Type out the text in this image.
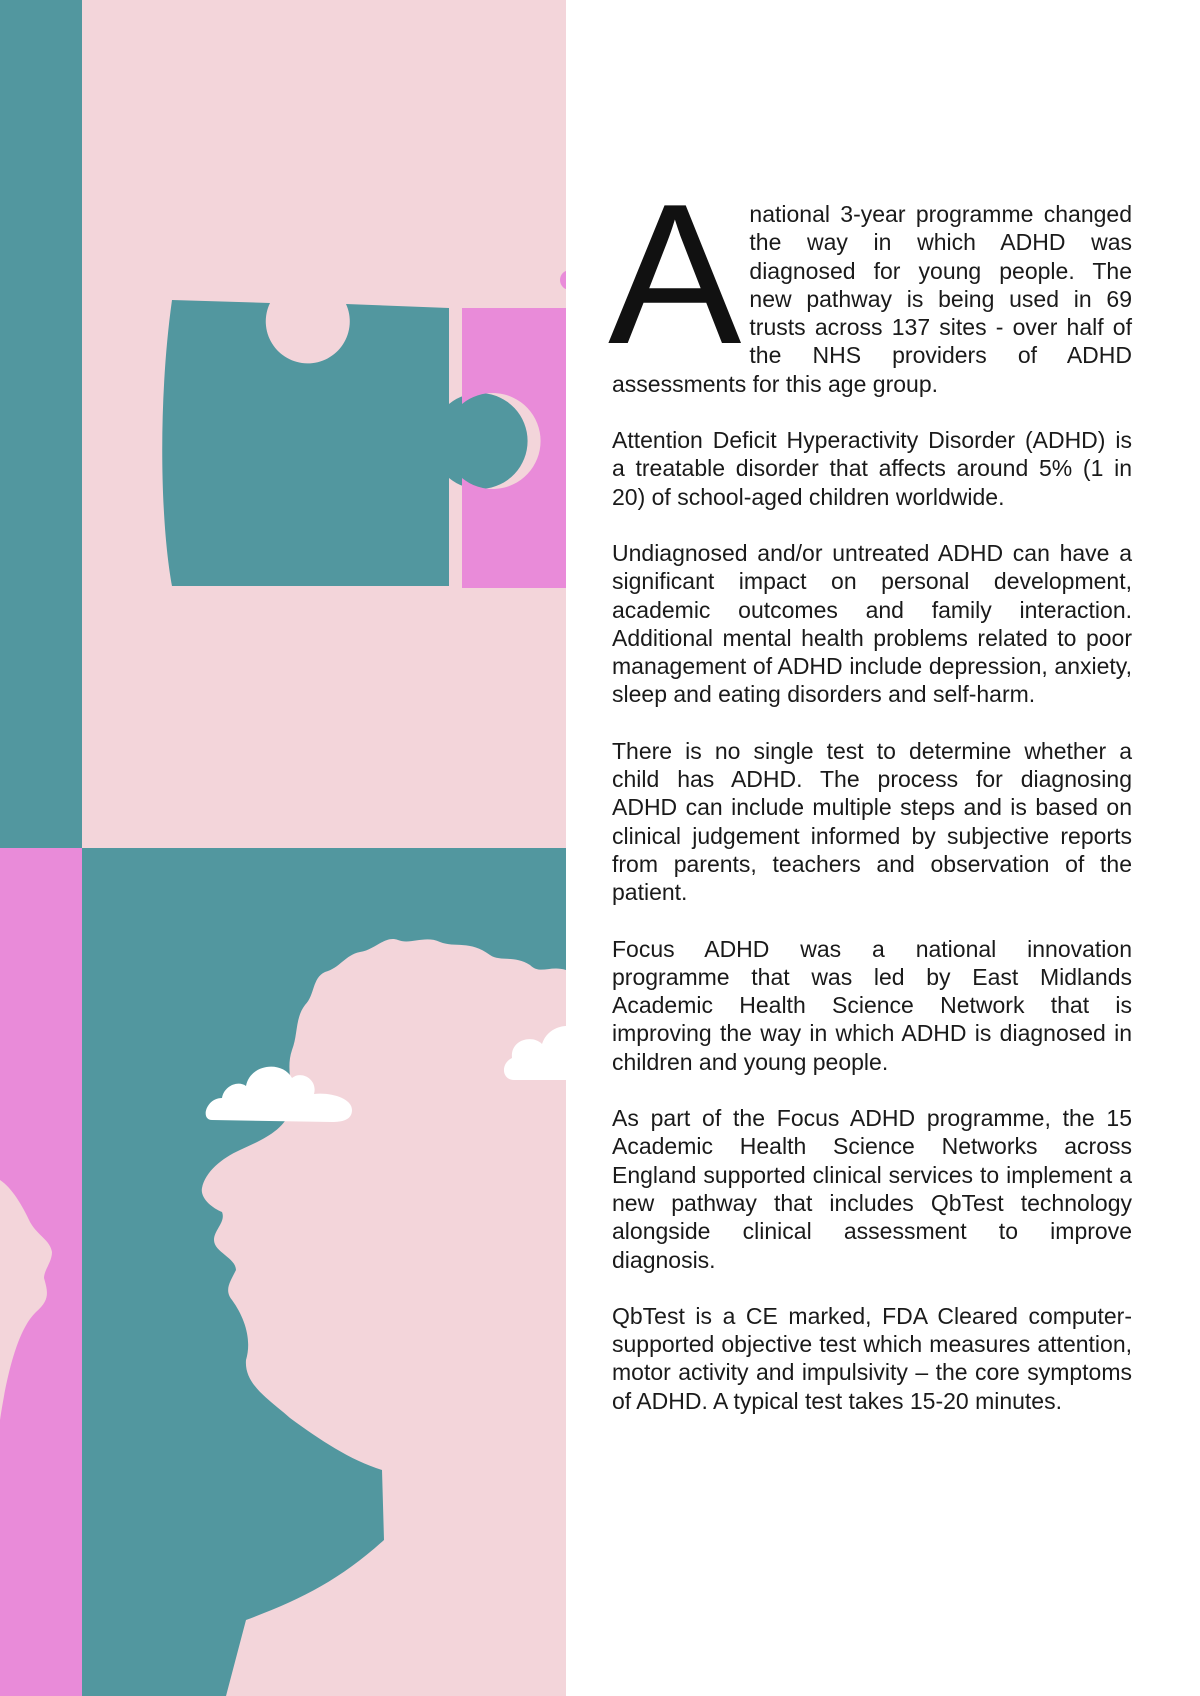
Anational 3-year programme changed the way in which ADHD was diagnosed for young people. The new pathway is being used in 69 trusts across 137 sites - over half of the NHS providers of ADHD assessments for this age group.

Attention Deficit Hyperactivity Disorder (ADHD) is a treatable disorder that affects around 5% (1 in 20) of school-aged children worldwide.

Undiagnosed and/or untreated ADHD can have a significant impact on personal development, academic outcomes and family interaction. Additional mental health problems related to poor management of ADHD include depression, anxiety, sleep and eating disorders and self-harm.

There is no single test to determine whether a child has ADHD. The process for diagnosing ADHD can include multiple steps and is based on clinical judgement informed by subjective reports from parents, teachers and observation of the patient.

Focus ADHD was a national innovation programme that was led by East Midlands Academic Health Science Network that is improving the way in which ADHD is diagnosed in children and young people.

As part of the Focus ADHD programme, the 15 Academic Health Science Networks across England supported clinical services to implement a new pathway that includes QbTest technology alongside clinical assessment to improve diagnosis.

QbTest is a CE marked, FDA Cleared computer-supported objective test which measures attention, motor activity and impulsivity – the core symptoms of ADHD. A typical test takes 15-20 minutes.
